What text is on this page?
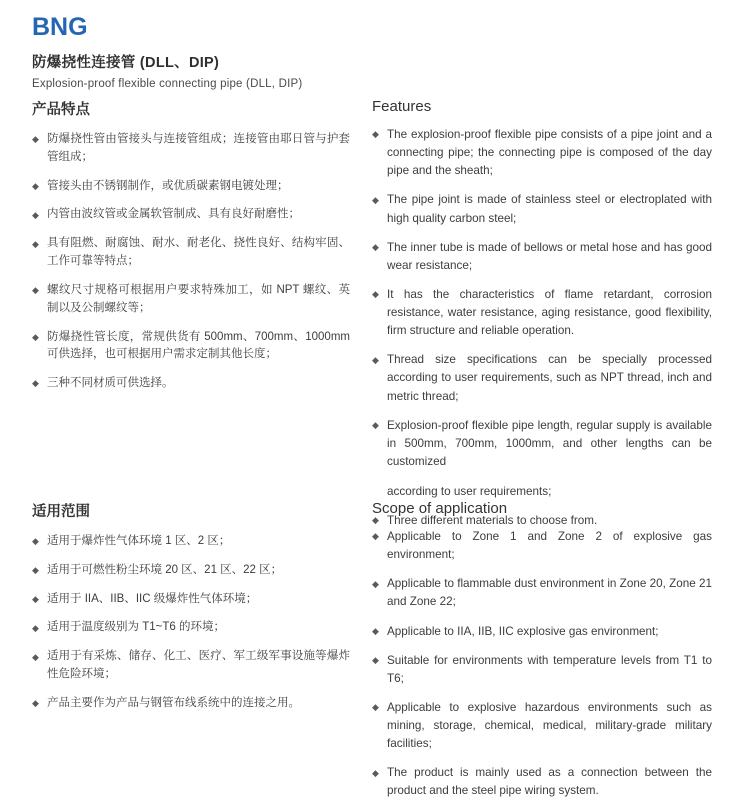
BNG
防爆挠性连接管 (DLL、DIP)
Explosion-proof flexible connecting pipe (DLL, DIP)
产品特点
◆ 防爆挠性管由管接头与连接管组成；连接管由耶日管与护套管组成；
◆ 管接头由不锈钢制作，或优质碳素钢电镀处理；
◆ 内管由波纹管或金属软管制成、具有良好耐磨性；
◆ 具有阻燃、耐腐蚀、耐水、耐老化、挠性良好、结构牢固、工作可靠等特点；
◆ 螺纹尺寸规格可根据用户要求特殊加工，如 NPT 螺纹、英制以及公制螺纹等；
◆ 防爆挠性管长度，常规供货有 500mm、700mm、1000mm 可供选择，也可根据用户需求定制其他长度；
◆ 三种不同材质可供选择。
Features
◆ The explosion-proof flexible pipe consists of a pipe joint and a connecting pipe; the connecting pipe is composed of the day pipe and the sheath;
◆ The pipe joint is made of stainless steel or electroplated with high quality carbon steel;
◆ The inner tube is made of bellows or metal hose and has good wear resistance;
◆ It has the characteristics of flame retardant, corrosion resistance, water resistance, aging resistance, good flexibility, firm structure and reliable operation.
◆ Thread size specifications can be specially processed according to user requirements, such as NPT thread, inch and metric thread;
◆ Explosion-proof flexible pipe length, regular supply is available in 500mm, 700mm, 1000mm, and other lengths can be customized
according to user requirements;
◆ Three different materials to choose from.
适用范围
◆ 适用于爆炸性气体环境 1 区、2 区；
◆ 适用于可燃性粉尘环境 20 区、21 区、22 区；
◆ 适用于 IIA、IIB、IIC 级爆炸性气体环境；
◆ 适用于温度级别为 T1~T6 的环境；
◆ 适用于有采炼、储存、化工、医疗、军工级军事设施等爆炸性危险环境；
◆ 产品主要作为产品与钢管布线系统中的连接之用。
Scope of application
◆ Applicable to Zone 1 and Zone 2 of explosive gas environment;
◆ Applicable to flammable dust environment in Zone 20, Zone 21 and Zone 22;
◆ Applicable to IIA, IIB, IIC explosive gas environment;
◆ Suitable for environments with temperature levels from T1 to T6;
◆ Applicable to explosive hazardous environments such as mining, storage, chemical, medical, military-grade military facilities;
◆ The product is mainly used as a connection between the product and the steel pipe wiring system.
